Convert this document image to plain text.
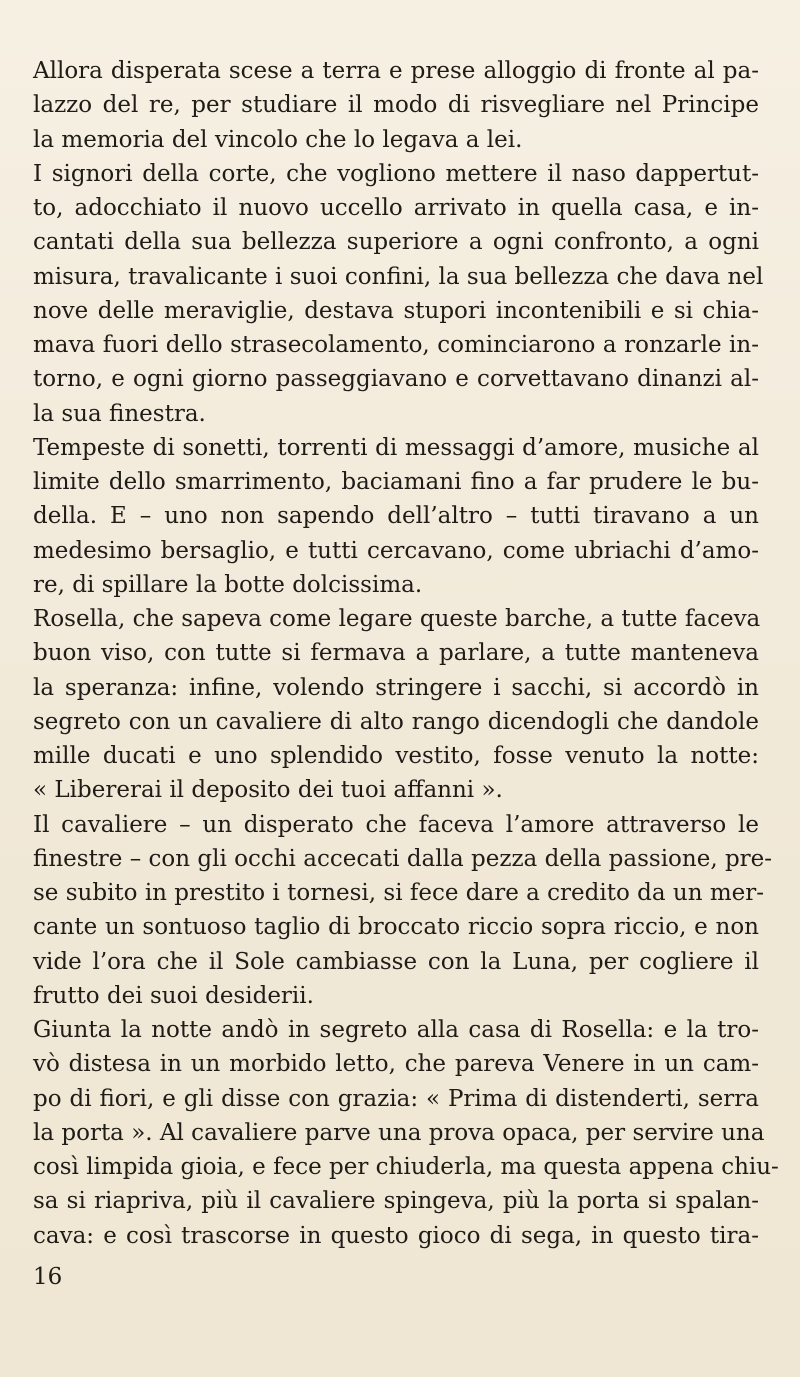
Allora disperata scese a terra e prese alloggio di fronte al pa-
lazzo del re, per studiare il modo di risvegliare nel Principe
la memoria del vincolo che lo legava a lei.
I signori della corte, che vogliono mettere il naso dappertut-
to, adocchiato il nuovo uccello arrivato in quella casa, e in-
cantati della sua bellezza superiore a ogni confronto, a ogni
misura, travalicante i suoi confini, la sua bellezza che dava nel
nove delle meraviglie, destava stupori incontenibili e si chia-
mava fuori dello strasecolamento, cominciarono a ronzarle in-
torno, e ogni giorno passeggiavano e corvettavano dinanzi al-
la sua finestra.
Tempeste di sonetti, torrenti di messaggi d’amore, musiche al
limite dello smarrimento, baciamani fino a far prudere le bu-
della. E – uno non sapendo dell’altro – tutti tiravano a un
medesimo bersaglio, e tutti cercavano, come ubriachi d’amo-
re, di spillare la botte dolcissima.
Rosella, che sapeva come legare queste barche, a tutte faceva
buon viso, con tutte si fermava a parlare, a tutte manteneva
la speranza: infine, volendo stringere i sacchi, si accordò in
segreto con un cavaliere di alto rango dicendogli che dandole
mille ducati e uno splendido vestito, fosse venuto la notte:
« Libererai il deposito dei tuoi affanni ».
Il cavaliere – un disperato che faceva l’amore attraverso le
finestre – con gli occhi accecati dalla pezza della passione, pre-
se subito in prestito i tornesi, si fece dare a credito da un mer-
cante un sontuoso taglio di broccato riccio sopra riccio, e non
vide l’ora che il Sole cambiasse con la Luna, per cogliere il
frutto dei suoi desiderii.
Giunta la notte andò in segreto alla casa di Rosella: e la tro-
vò distesa in un morbido letto, che pareva Venere in un cam-
po di fiori, e gli disse con grazia: « Prima di distenderti, serra
la porta ». Al cavaliere parve una prova opaca, per servire una
così limpida gioia, e fece per chiuderla, ma questa appena chiu-
sa si riapriva, più il cavaliere spingeva, più la porta si spalan-
cava: e così trascorse in questo gioco di sega, in questo tira-
16
